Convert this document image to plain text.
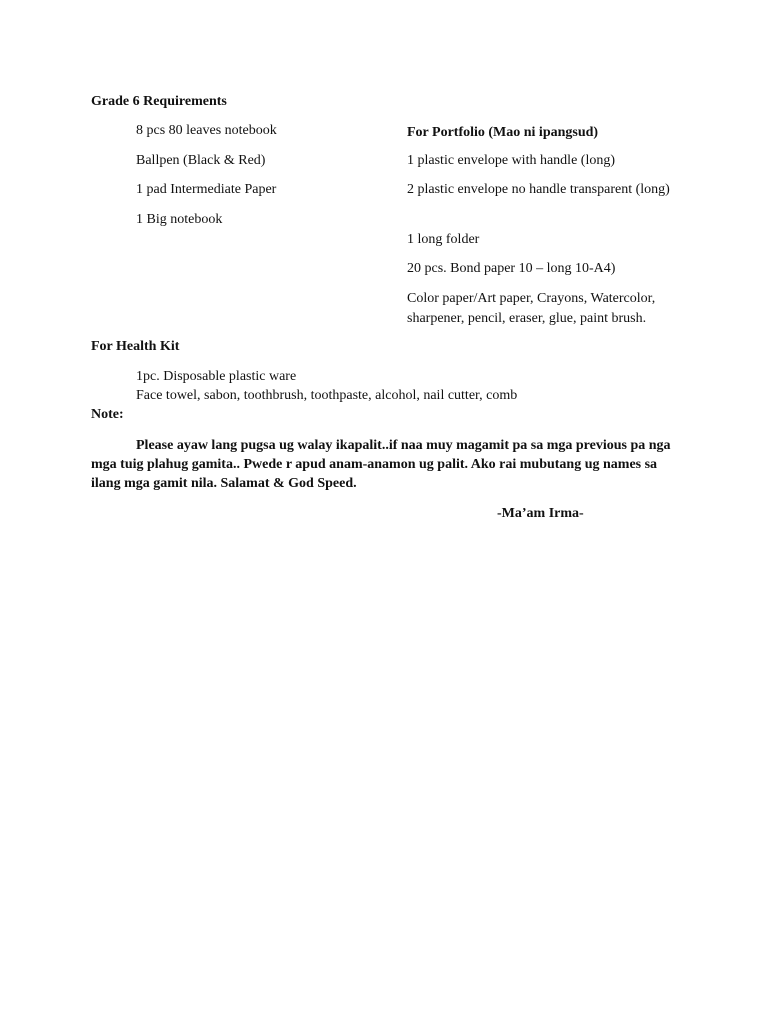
Grade 6 Requirements
8 pcs 80 leaves notebook
Ballpen (Black & Red)
1 pad Intermediate Paper
1 Big notebook
For Portfolio (Mao ni ipangsud)
1 plastic envelope with handle (long)
2 plastic envelope no handle transparent (long)
1 long folder
20 pcs. Bond paper 10 – long 10-A4)
Color paper/Art paper, Crayons, Watercolor, sharpener, pencil, eraser, glue, paint brush.
For Health Kit
1pc. Disposable plastic ware
Face towel, sabon, toothbrush, toothpaste, alcohol, nail cutter, comb
Note:
Please ayaw lang pugsa ug walay ikapalit..if naa muy magamit pa sa mga previous pa nga mga tuig plahug gamita.. Pwede r apud anam-anamon ug palit. Ako rai mubutang ug names sa ilang mga gamit nila. Salamat & God Speed.
-Ma’am Irma-
